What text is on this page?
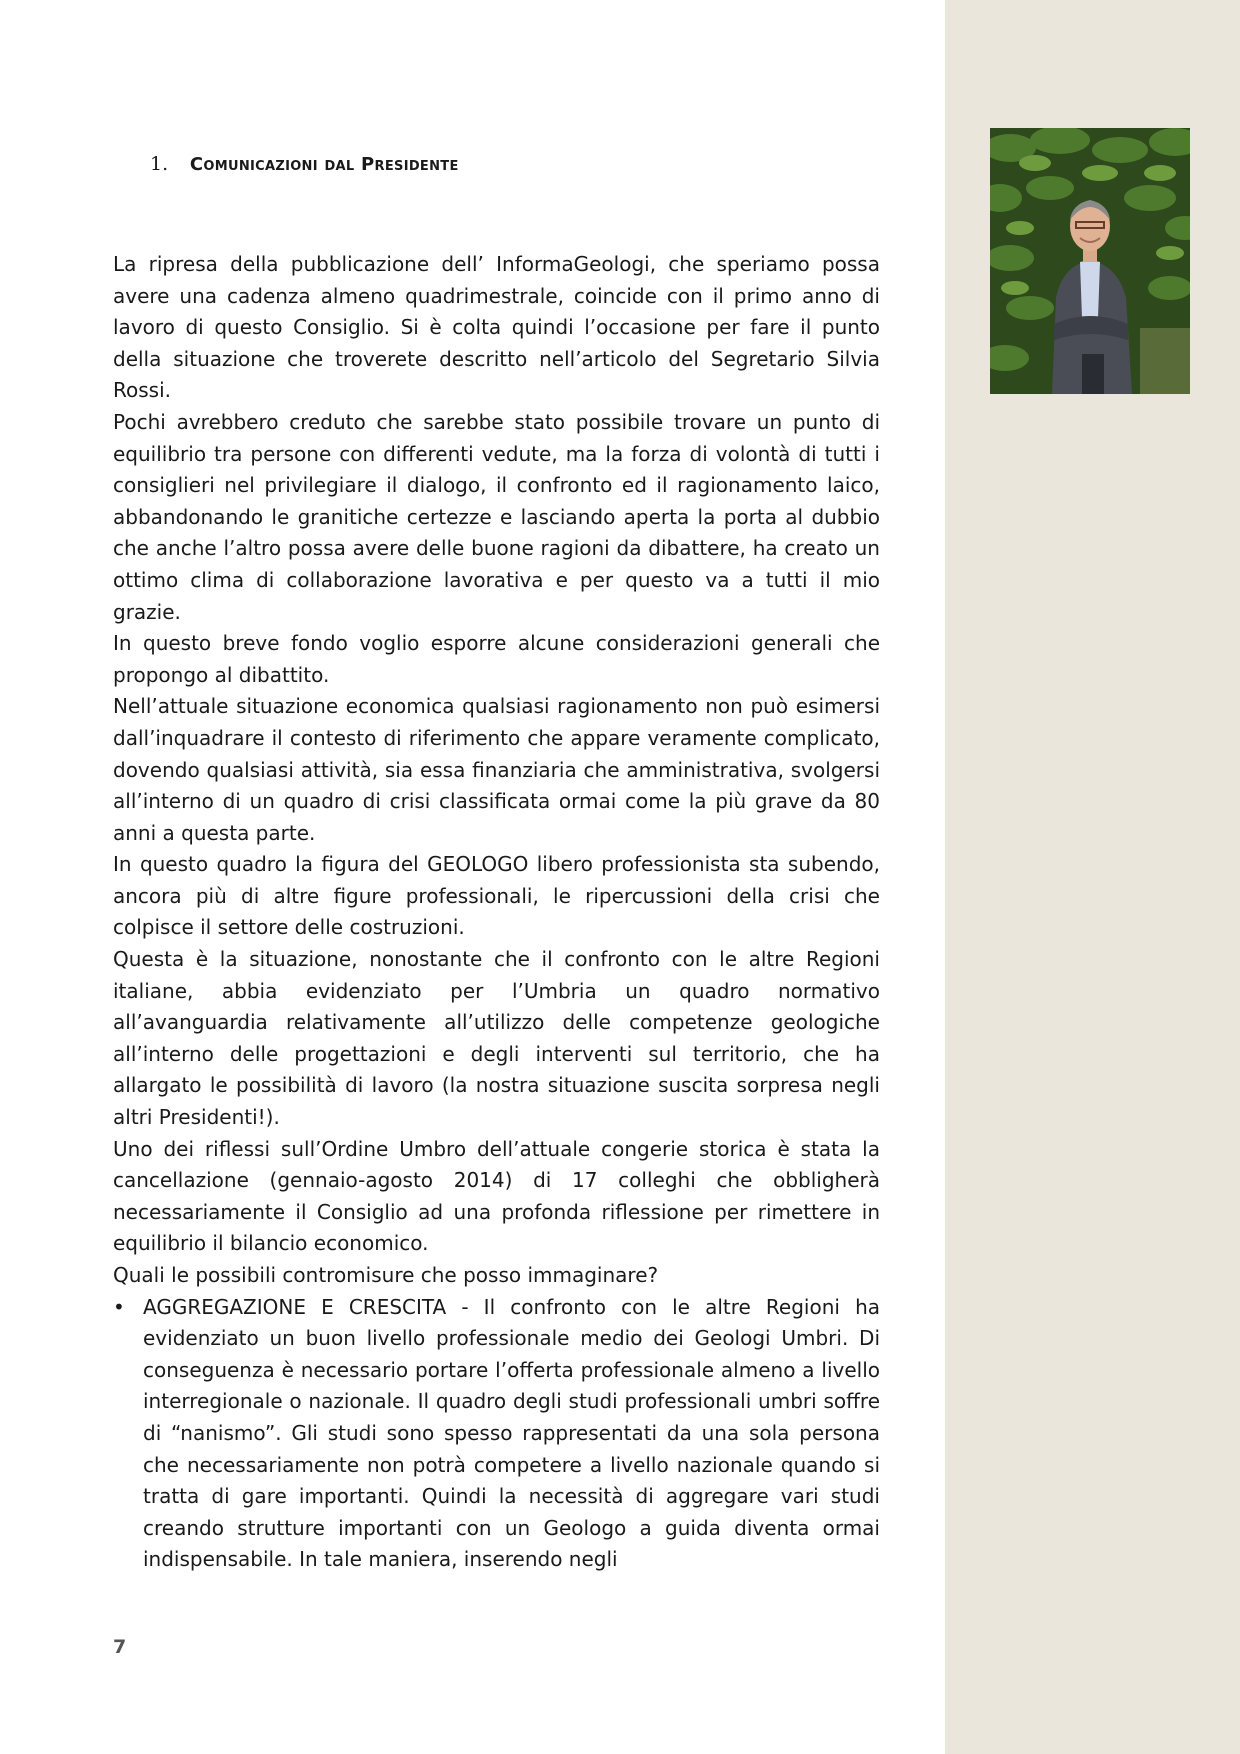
1. Comunicazioni dal Presidente

La ripresa della pubblicazione dell’ InformaGeologi, che speriamo possa avere una cadenza almeno quadrimestrale, coincide con il primo anno di lavoro di questo Consiglio. Si è colta quindi l’occasione per fare il punto della situazione che troverete descritto nell’articolo del Segretario Silvia Rossi.

Pochi avrebbero creduto che sarebbe stato possibile trovare un punto di equilibrio tra persone con differenti vedute, ma la forza di volontà di tutti i consiglieri nel privilegiare il dialogo, il confronto ed il ragionamento laico, abbandonando le granitiche certezze e lasciando aperta la porta al dubbio che anche l’altro possa avere delle buone ragioni da dibattere, ha creato un ottimo clima di collaborazione lavorativa e per questo va a tutti il mio grazie.

In questo breve fondo voglio esporre alcune considerazioni generali che propongo al dibattito.

Nell’attuale situazione economica qualsiasi ragionamento non può esimersi dall’inquadrare il contesto di riferimento che appare veramente complicato, dovendo qualsiasi attività, sia essa finanziaria che amministrativa, svolgersi all’interno di un quadro di crisi classificata ormai come la più grave da 80 anni a questa parte.

In questo quadro la figura del GEOLOGO libero professionista sta subendo, ancora più di altre figure professionali, le ripercussioni della crisi che colpisce il settore delle costruzioni.

Questa è la situazione, nonostante che il confronto con le altre Regioni italiane, abbia evidenziato per l’Umbria un quadro normativo all’avanguardia relativamente all’utilizzo delle competenze geologiche all’interno delle progettazioni e degli interventi sul territorio, che ha allargato le possibilità di lavoro (la nostra situazione suscita sorpresa negli altri Presidenti!).

Uno dei riflessi sull’Ordine Umbro dell’attuale congerie storica è stata la cancellazione (gennaio-agosto 2014) di 17 colleghi che obbligherà necessariamente il Consiglio ad una profonda riflessione per rimettere in equilibrio il bilancio economico.

Quali le possibili contromisure che posso immaginare?

• AGGREGAZIONE E CRESCITA - Il confronto con le altre Regioni ha evidenziato un buon livello professionale medio dei Geologi Umbri. Di conseguenza è necessario portare l’offerta professionale almeno a livello interregionale o nazionale. Il quadro degli studi professionali umbri soffre di “nanismo”. Gli studi sono spesso rappresentati da una sola persona che necessariamente non potrà competere a livello nazionale quando si tratta di gare importanti. Quindi la necessità di aggregare vari studi creando strutture importanti con un Geologo a guida diventa ormai indispensabile. In tale maniera, inserendo negli
7
